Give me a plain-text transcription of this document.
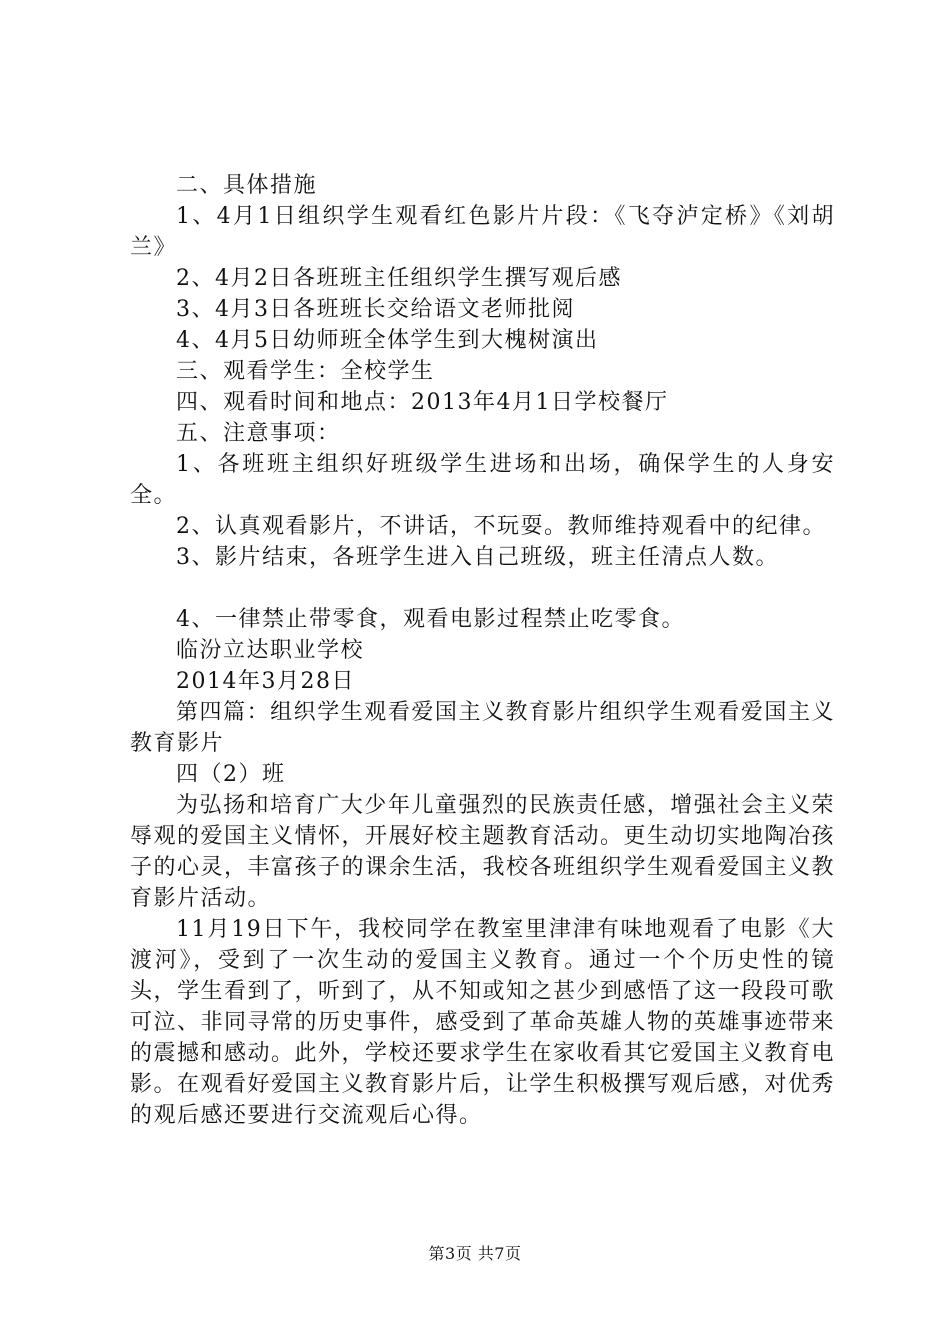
二、具体措施

1、4月1日组织学生观看红色影片片段：《飞夺泸定桥》《刘胡兰》

2、4月2日各班班主任组织学生撰写观后感

3、4月3日各班班长交给语文老师批阅

4、4月5日幼师班全体学生到大槐树演出

三、观看学生：全校学生

四、观看时间和地点：2013年4月1日学校餐厅

五、注意事项：

1、各班班主组织好班级学生进场和出场，确保学生的人身安全。

2、认真观看影片，不讲话，不玩耍。教师维持观看中的纪律。

3、影片结束，各班学生进入自己班级，班主任清点人数。

4、一律禁止带零食，观看电影过程禁止吃零食。

临汾立达职业学校

2014年3月28日

第四篇：组织学生观看爱国主义教育影片组织学生观看爱国主义教育影片

四（2）班

为弘扬和培育广大少年儿童强烈的民族责任感，增强社会主义荣辱观的爱国主义情怀，开展好校主题教育活动。更生动切实地陶冶孩子的心灵，丰富孩子的课余生活，我校各班组织学生观看爱国主义教育影片活动。

11月19日下午，我校同学在教室里津津有味地观看了电影《大渡河》，受到了一次生动的爱国主义教育。通过一个个历史性的镜头，学生看到了，听到了，从不知或知之甚少到感悟了这一段段可歌可泣、非同寻常的历史事件，感受到了革命英雄人物的英雄事迹带来的震撼和感动。此外，学校还要求学生在家收看其它爱国主义教育电影。在观看好爱国主义教育影片后，让学生积极撰写观后感，对优秀的观后感还要进行交流观后心得。

第3页 共7页
